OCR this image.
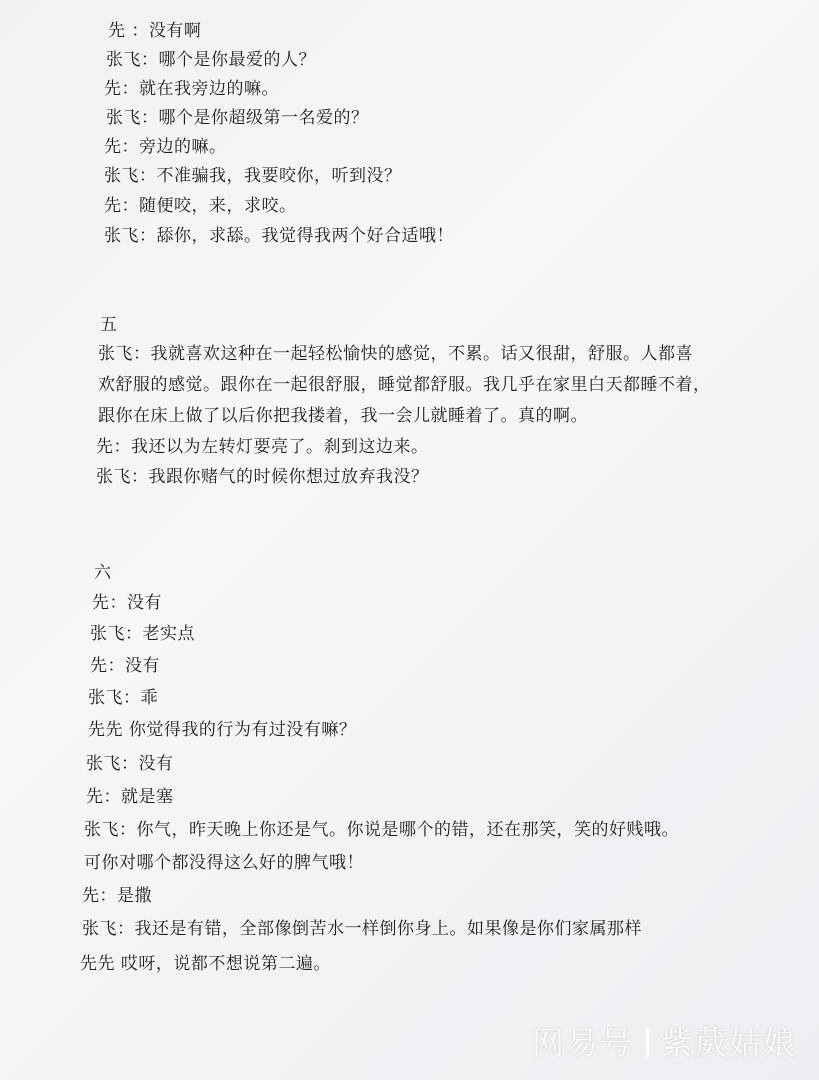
先 ：没有啊
张飞：哪个是你最爱的人？
先：就在我旁边的嘛。
张飞：哪个是你超级第一名爱的？
先：旁边的嘛。
张飞：不准骗我，我要咬你，听到没？
先：随便咬，来，求咬。
张飞：舔你，求舔。我觉得我两个好合适哦！
五
张飞：我就喜欢这种在一起轻松愉快的感觉，不累。话又很甜，舒服。人都喜
欢舒服的感觉。跟你在一起很舒服，睡觉都舒服。我几乎在家里白天都睡不着，
跟你在床上做了以后你把我搂着，我一会儿就睡着了。真的啊。
先：我还以为左转灯要亮了。刹到这边来。
张飞：我跟你赌气的时候你想过放弃我没？
六
先：没有
张飞：老实点
先：没有
张飞：乖
先先 你觉得我的行为有过没有嘛？
张飞：没有
先：就是塞
张飞：你气，昨天晚上你还是气。你说是哪个的错，还在那笑，笑的好贱哦。
可你对哪个都没得这么好的脾气哦！
先：是撒
张飞：我还是有错，全部像倒苦水一样倒你身上。如果像是你们家属那样
先先 哎呀，说都不想说第二遍。
网易号 紫葳姑娘
